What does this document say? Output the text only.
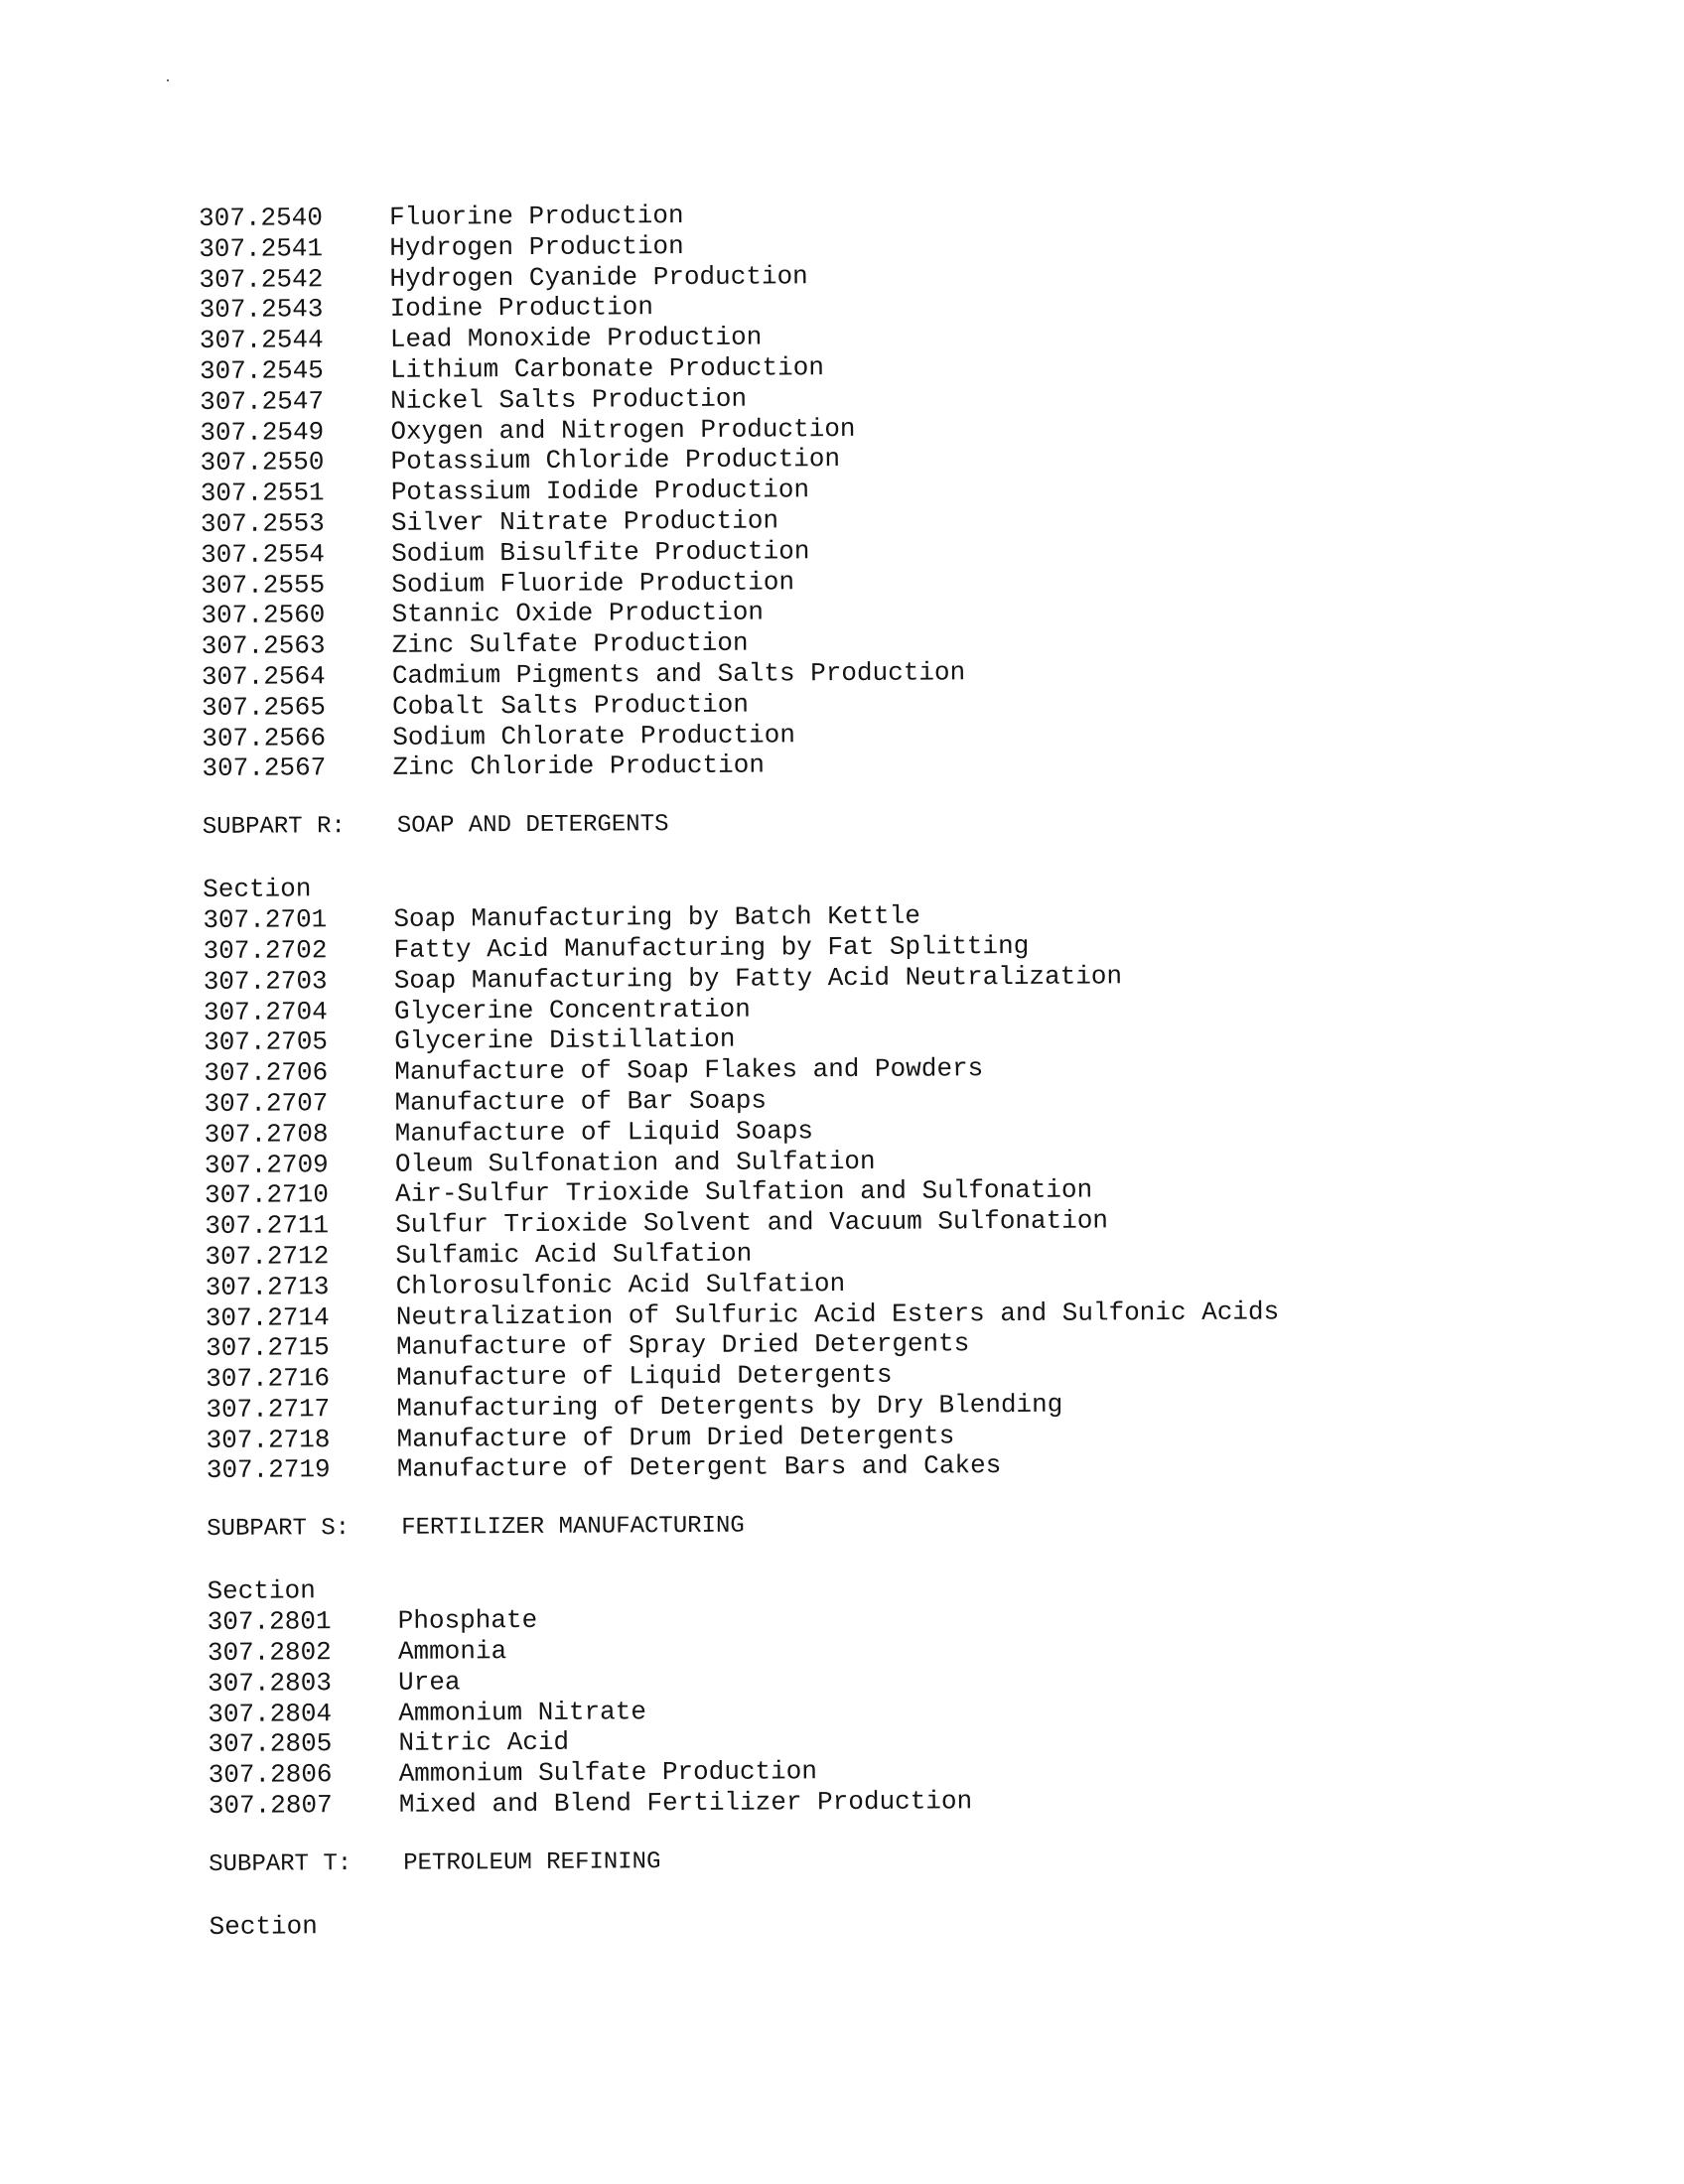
307.2540	Fluorine Production
307.2541	Hydrogen Production
307.2542	Hydrogen Cyanide Production
307.2543	Iodine Production
307.2544	Lead Monoxide Production
307.2545	Lithium Carbonate Production
307.2547	Nickel Salts Production
307.2549	Oxygen and Nitrogen Production
307.2550	Potassium Chloride Production
307.2551	Potassium Iodide Production
307.2553	Silver Nitrate Production
307.2554	Sodium Bisulfite Production
307.2555	Sodium Fluoride Production
307.2560	Stannic Oxide Production
307.2563	Zinc Sulfate Production
307.2564	Cadmium Pigments and Salts Production
307.2565	Cobalt Salts Production
307.2566	Sodium Chlorate Production
307.2567	Zinc Chloride Production
SUBPART R:	SOAP AND DETERGENTS
Section
307.2701	Soap Manufacturing by Batch Kettle
307.2702	Fatty Acid Manufacturing by Fat Splitting
307.2703	Soap Manufacturing by Fatty Acid Neutralization
307.2704	Glycerine Concentration
307.2705	Glycerine Distillation
307.2706	Manufacture of Soap Flakes and Powders
307.2707	Manufacture of Bar Soaps
307.2708	Manufacture of Liquid Soaps
307.2709	Oleum Sulfonation and Sulfation
307.2710	Air-Sulfur Trioxide Sulfation and Sulfonation
307.2711	Sulfur Trioxide Solvent and Vacuum Sulfonation
307.2712	Sulfamic Acid Sulfation
307.2713	Chlorosulfonic Acid Sulfation
307.2714	Neutralization of Sulfuric Acid Esters and Sulfonic Acids
307.2715	Manufacture of Spray Dried Detergents
307.2716	Manufacture of Liquid Detergents
307.2717	Manufacturing of Detergents by Dry Blending
307.2718	Manufacture of Drum Dried Detergents
307.2719	Manufacture of Detergent Bars and Cakes
SUBPART S:	FERTILIZER MANUFACTURING
Section
307.2801	Phosphate
307.2802	Ammonia
307.2803	Urea
307.2804	Ammonium Nitrate
307.2805	Nitric Acid
307.2806	Ammonium Sulfate Production
307.2807	Mixed and Blend Fertilizer Production
SUBPART T:	PETROLEUM REFINING
Section
